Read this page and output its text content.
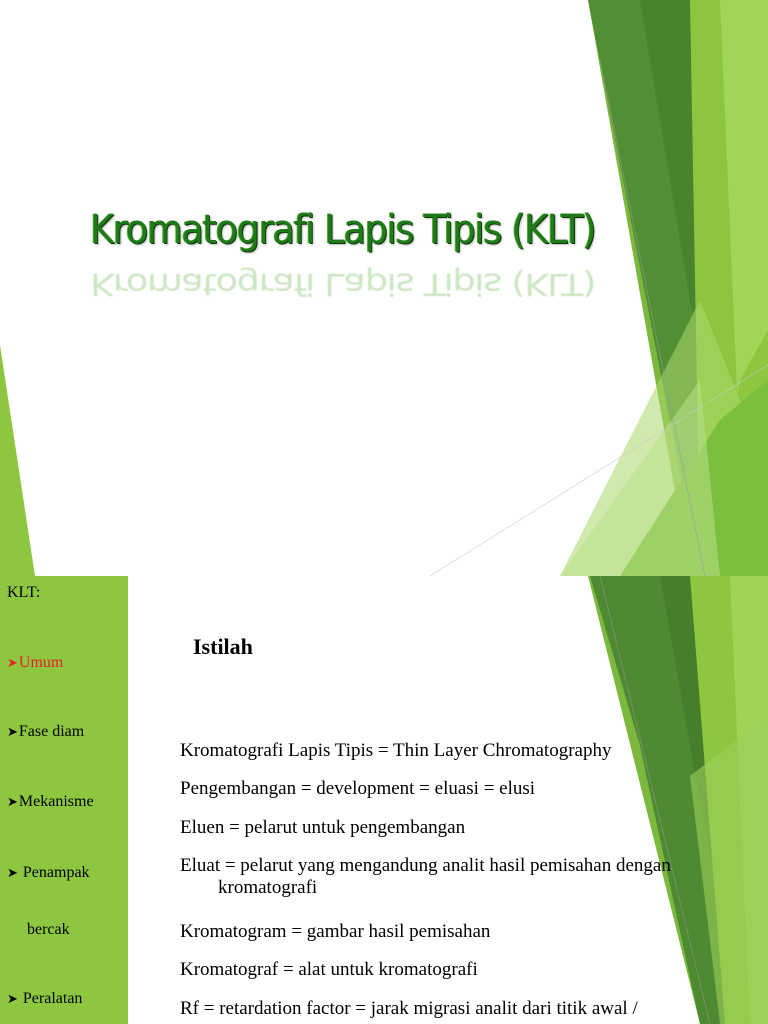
Kromatografi Lapis Tipis (KLT)
Kromatografi Lapis Tipis (KLT)
KLT:
➤Umum
➤Fase diam
➤Mekanisme
➤ Penampak
bercak
➤ Peralatan
Istilah
Kromatografi Lapis Tipis = Thin Layer Chromatography
Pengembangan = development = eluasi = elusi
Eluen = pelarut untuk pengembangan
Eluat = pelarut yang mengandung analit hasil pemisahan dengan
kromatografi
Kromatogram = gambar hasil pemisahan
Kromatograf = alat untuk kromatografi
Rf = retardation factor = jarak migrasi analit dari titik awal /
